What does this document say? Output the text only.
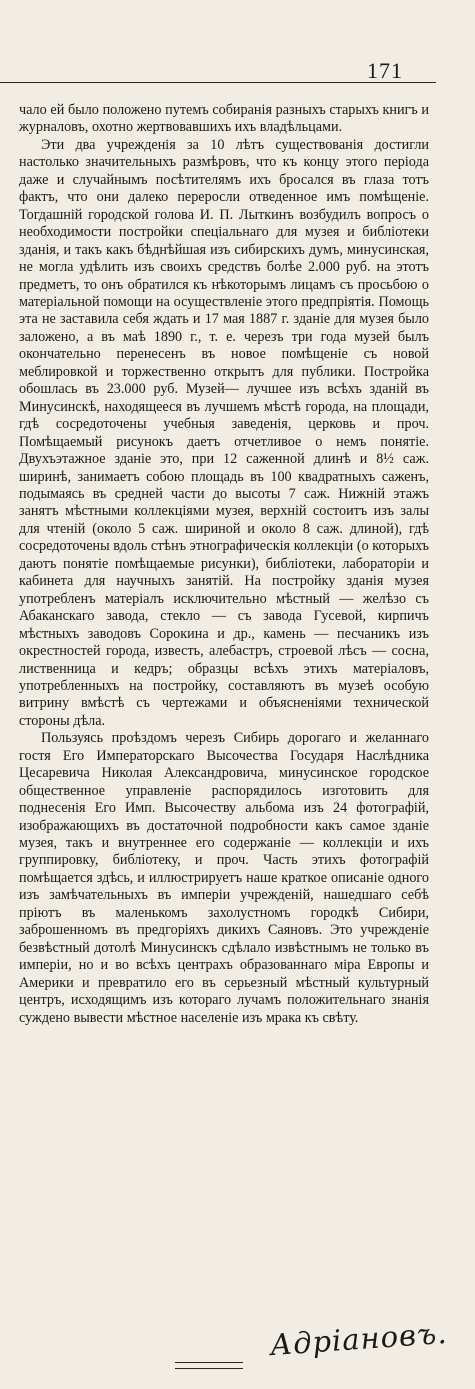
171

чало ей было положено путемъ собиранія разныхъ старыхъ книгъ и журналовъ, охотно жертвовавшихъ ихъ владѣльцами.

Эти два учрежденія за 10 лѣтъ существованія достигли настолько значительныхъ размѣровъ, что къ концу этого періода даже и случайнымъ посѣтителямъ ихъ бросался въ глаза тотъ фактъ, что они далеко переросли отведенное имъ помѣщеніе. Тогдашній городской голова И. П. Лыткинъ возбудилъ вопросъ о необходимости постройки спеціальнаго для музея и библіотеки зданія, и такъ какъ бѣднѣйшая изъ сибирскихъ думъ, минусинская, не могла удѣлить изъ своихъ средствъ болѣе 2.000 руб. на этотъ предметъ, то онъ обратился къ нѣкоторымъ лицамъ съ просьбою о матеріальной помощи на осуществленіе этого предпріятія. Помощь эта не заставила себя ждать и 17 мая 1887 г. зданіе для музея было заложено, а въ маѣ 1890 г., т. е. черезъ три года музей былъ окончательно перенесенъ въ новое помѣщеніе съ новой меблировкой и торжественно открытъ для публики. Постройка обошлась въ 23.000 руб. Музей— лучшее изъ всѣхъ зданій въ Минусинскѣ, находящееся въ лучшемъ мѣстѣ города, на площади, гдѣ сосредоточены учебныя заведенія, церковь и проч. Помѣщаемый рисунокъ даетъ отчетливое о немъ понятіе. Двухъэтажное зданіе это, при 12 саженной длинѣ и 8½ саж. ширинѣ, занимаетъ собою площадь въ 100 квадратныхъ саженъ, подымаясь въ средней части до высоты 7 саж. Нижній этажъ занятъ мѣстными коллекціями музея, верхній состоитъ изъ залы для чтеній (около 5 саж. шириной и около 8 саж. длиной), гдѣ сосредоточены вдоль стѣнъ этнографическія коллекціи (о которыхъ даютъ понятіе помѣщаемые рисунки), библіотеки, лабораторіи и кабинета для научныхъ занятій. На постройку зданія музея употребленъ матеріалъ исключительно мѣстный — желѣзо съ Абаканскаго завода, стекло — съ завода Гусевой, кирпичъ мѣстныхъ заводовъ Сорокина и др., камень — песчаникъ изъ окрестностей города, известь, алебастръ, строевой лѣсъ — сосна, лиственница и кедръ; образцы всѣхъ этихъ матеріаловъ, употребленныхъ на постройку, составляютъ въ музеѣ особую витрину вмѣстѣ съ чертежами и объясненіями технической стороны дѣла.

Пользуясь проѣздомъ черезъ Сибирь дорогаго и желаннаго гостя Его Императорскаго Высочества Государя Наслѣдника Цесаревича Николая Александровича, минусинское городское общественное управленіе распорядилось изготовить для поднесенія Его Имп. Высочеству альбома изъ 24 фотографій, изображающихъ въ достаточной подробности какъ самое зданіе музея, такъ и внутреннее его содержаніе — коллекціи и ихъ группировку, библіотеку, и проч. Часть этихъ фотографій помѣщается здѣсь, и иллюстрируетъ наше краткое описаніе одного изъ замѣчательныхъ въ имперіи учрежденій, нашедшаго себѣ пріютъ въ маленькомъ захолустномъ городкѣ Сибири, заброшенномъ въ предгоріяхъ дикихъ Саяновъ. Это учрежденіе безвѣстный дотолѣ Минусинскъ сдѣлало извѣстнымъ не только въ имперіи, но и во всѣхъ центрахъ образованнаго міра Европы и Америки и превратило его въ серьезный мѣстный культурный центръ, исходящимъ изъ котораго лучамъ положительнаго знанія суждено вывести мѣстное населеніе изъ мрака къ свѣту.

Адріановъ.
